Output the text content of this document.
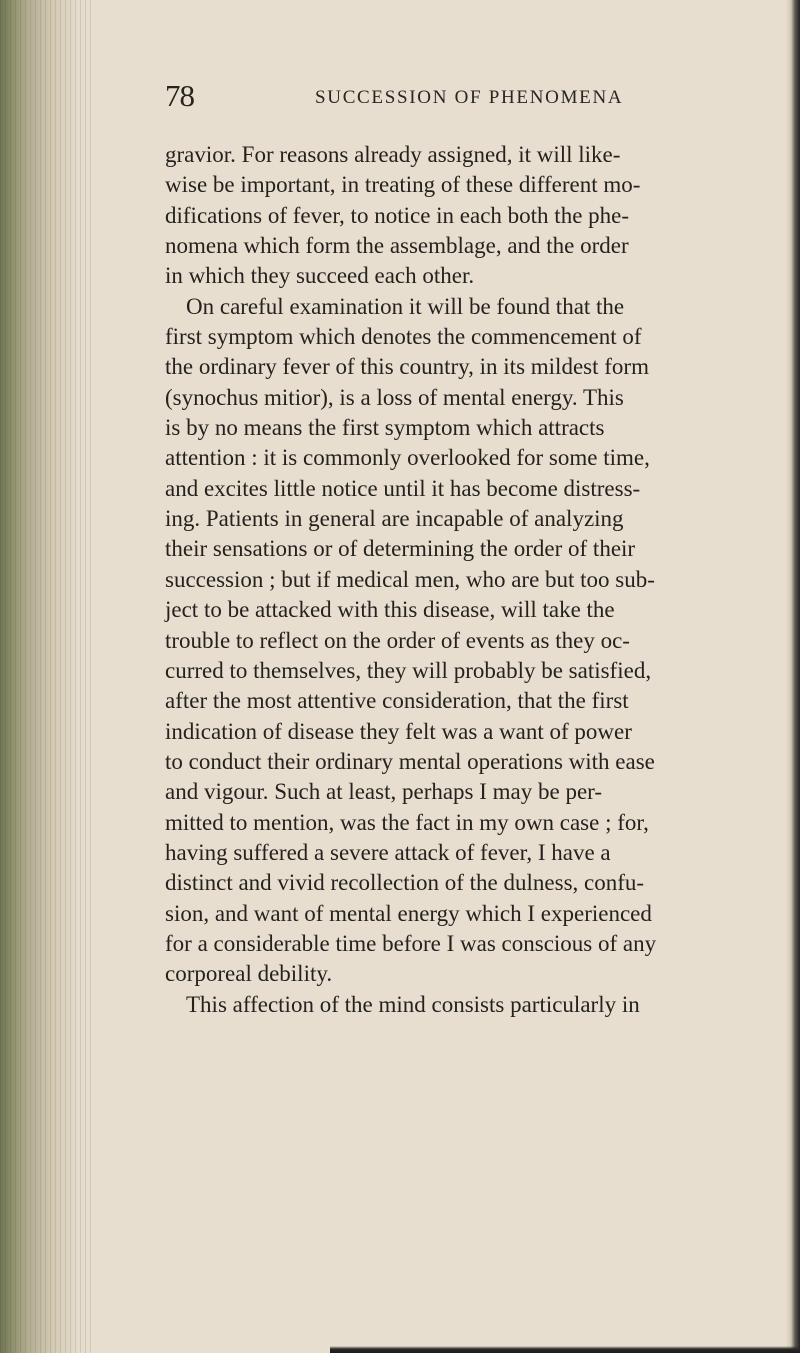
78	SUCCESSION OF PHENOMENA
gravior. For reasons already assigned, it will like-
wise be important, in treating of these different mo-
difications of fever, to notice in each both the phe-
nomena which form the assemblage, and the order
in which they succeed each other.
On careful examination it will be found that the
first symptom which denotes the commencement of
the ordinary fever of this country, in its mildest form
(synochus mitior), is a loss of mental energy. This
is by no means the first symptom which attracts
attention : it is commonly overlooked for some time,
and excites little notice until it has become distress-
ing. Patients in general are incapable of analyzing
their sensations or of determining the order of their
succession ; but if medical men, who are but too sub-
ject to be attacked with this disease, will take the
trouble to reflect on the order of events as they oc-
curred to themselves, they will probably be satisfied,
after the most attentive consideration, that the first
indication of disease they felt was a want of power
to conduct their ordinary mental operations with ease
and vigour. Such at least, perhaps I may be per-
mitted to mention, was the fact in my own case ; for,
having suffered a severe attack of fever, I have a
distinct and vivid recollection of the dulness, confu-
sion, and want of mental energy which I experienced
for a considerable time before I was conscious of any
corporeal debility.
This affection of the mind consists particularly in
